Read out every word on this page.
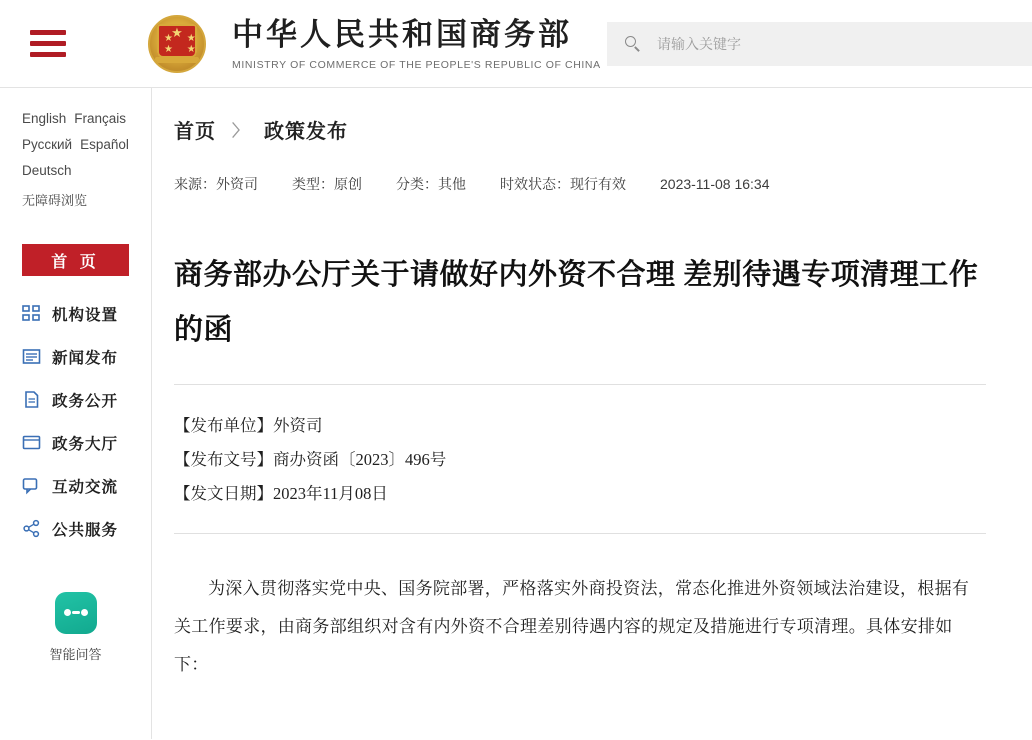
★
★ ★
★ ★ 中华人民共和国商务部
MINISTRY OF COMMERCE OF THE PEOPLE'S REPUBLIC OF CHINA
请输入关键字
English Français
Русский Español
Deutsch
无障碍浏览
首 页
机构设置
新闻发布
政务公开
政务大厅
互动交流
公共服务
智能问答
首页 〉 政策发布
来源：外资司 类型：原创 分类：其他 时效状态：现行有效 2023-11-08 16:34
商务部办公厅关于请做好内外资不合理 差别待遇专项清理工作的函
【发布单位】外资司
【发布文号】商办资函〔2023〕496号
【发文日期】2023年11月08日

为深入贯彻落实党中央、国务院部署，严格落实外商投资法，常态化推进外资领域法治建设，根据有关工作要求，由商务部组织对含有内外资不合理差别待遇内容的规定及措施进行专项清理。具体安排如下：
